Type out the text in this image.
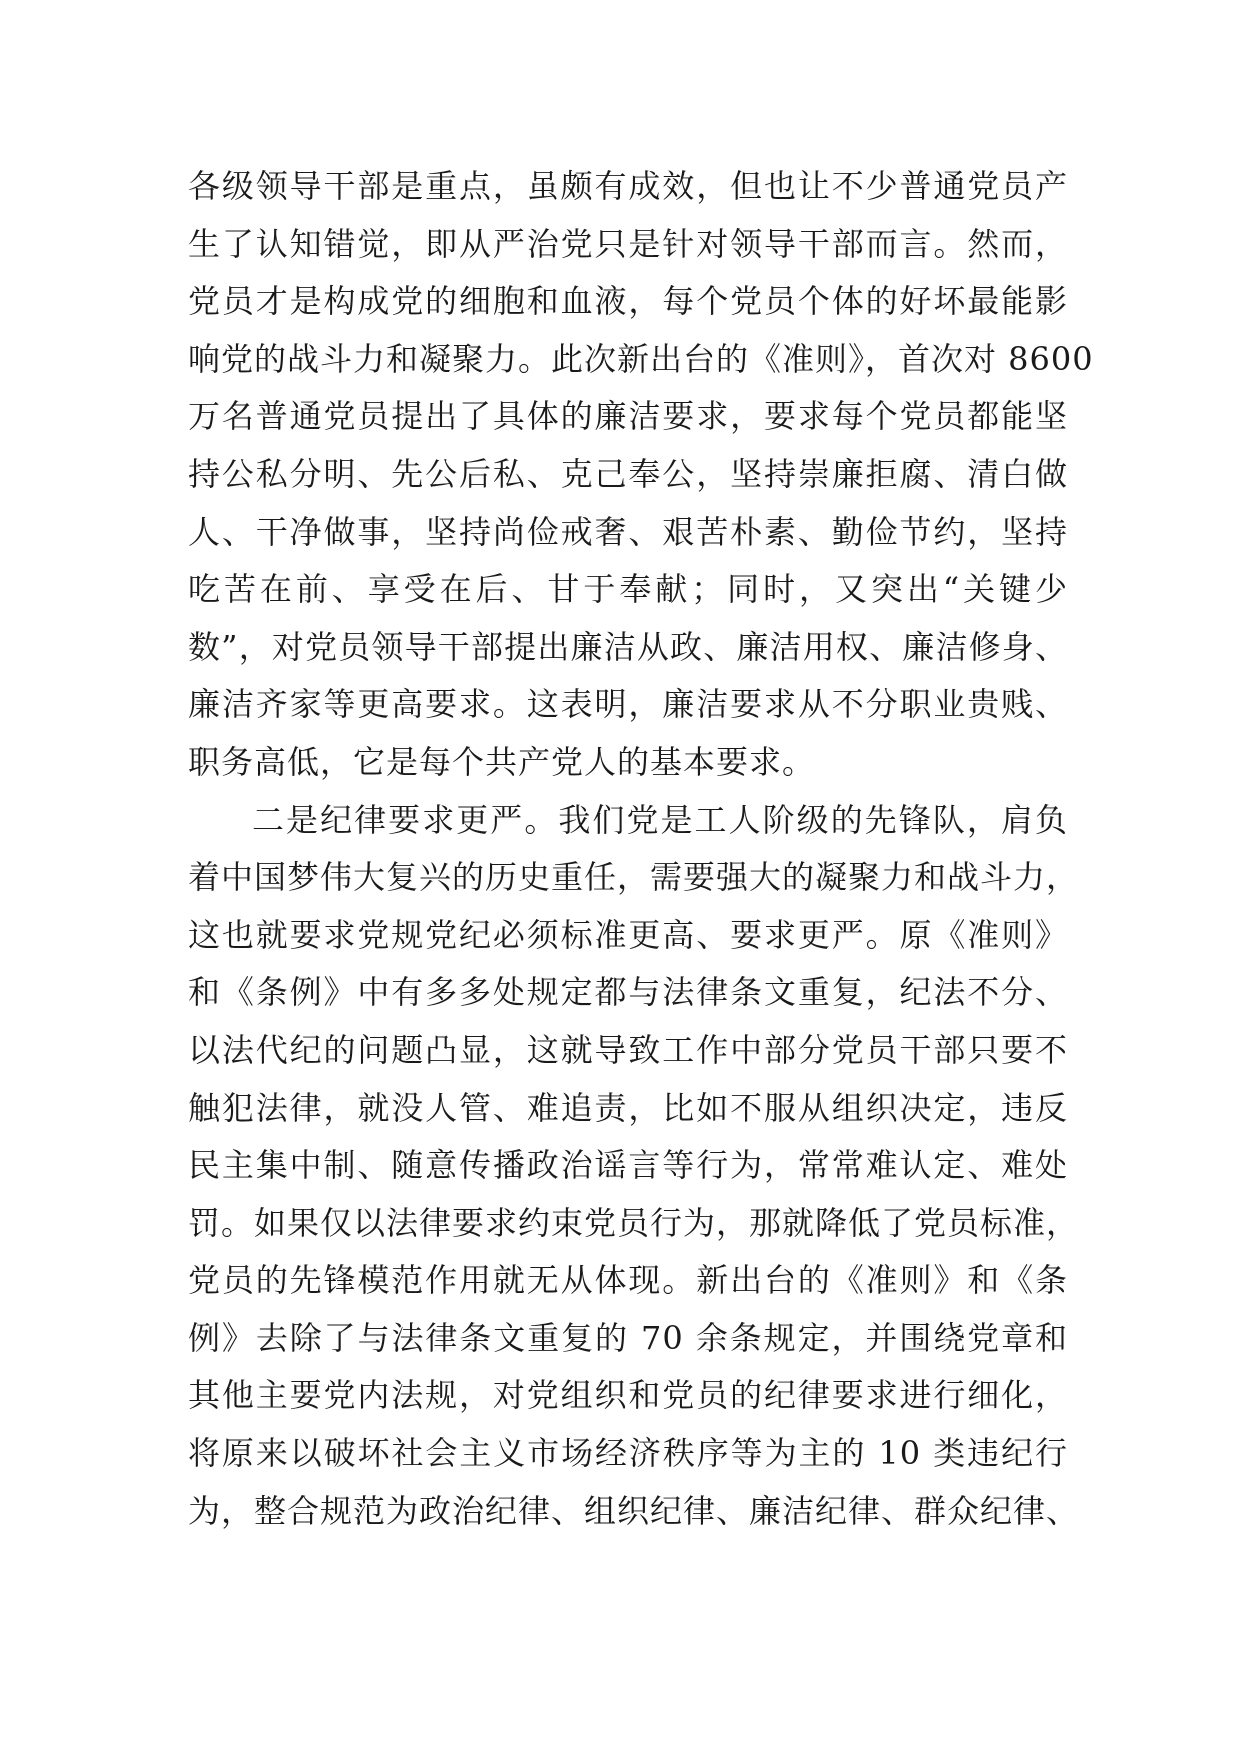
各级领导干部是重点，虽颇有成效，但也让不少普通党员产
生了认知错觉，即从严治党只是针对领导干部而言。然而，
党员才是构成党的细胞和血液，每个党员个体的好坏最能影
响党的战斗力和凝聚力。此次新出台的《准则》，首次对 8600
万名普通党员提出了具体的廉洁要求，要求每个党员都能坚
持公私分明、先公后私、克己奉公，坚持崇廉拒腐、清白做
人、干净做事，坚持尚俭戒奢、艰苦朴素、勤俭节约，坚持
吃苦在前、享受在后、甘于奉献；同时，又突出“关键少
数”，对党员领导干部提出廉洁从政、廉洁用权、廉洁修身、
廉洁齐家等更高要求。这表明，廉洁要求从不分职业贵贱、
职务高低，它是每个共产党人的基本要求。
二是纪律要求更严。我们党是工人阶级的先锋队，肩负
着中国梦伟大复兴的历史重任，需要强大的凝聚力和战斗力，
这也就要求党规党纪必须标准更高、要求更严。原《准则》
和《条例》中有多多处规定都与法律条文重复，纪法不分、
以法代纪的问题凸显，这就导致工作中部分党员干部只要不
触犯法律，就没人管、难追责，比如不服从组织决定，违反
民主集中制、随意传播政治谣言等行为，常常难认定、难处
罚。如果仅以法律要求约束党员行为，那就降低了党员标准，
党员的先锋模范作用就无从体现。新出台的《准则》和《条
例》去除了与法律条文重复的 70 余条规定，并围绕党章和
其他主要党内法规，对党组织和党员的纪律要求进行细化，
将原来以破坏社会主义市场经济秩序等为主的 10 类违纪行
为，整合规范为政治纪律、组织纪律、廉洁纪律、群众纪律、
